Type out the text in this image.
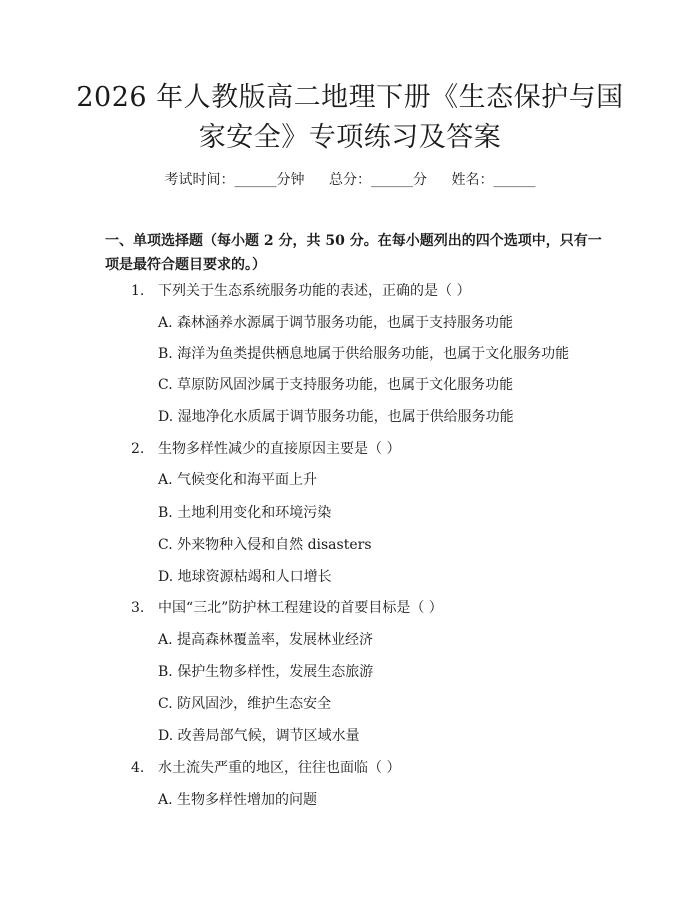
2026 年人教版高二地理下册《生态保护与国
家安全》专项练习及答案
考试时间：______分钟 总分：______分 姓名：______
一、单项选择题（每小题 2 分，共 50 分。在每小题列出的四个选项中，只有一项是最符合题目要求的。）
1. 下列关于生态系统服务功能的表述，正确的是（ ）
A. 森林涵养水源属于调节服务功能，也属于支持服务功能
B. 海洋为鱼类提供栖息地属于供给服务功能，也属于文化服务功能
C. 草原防风固沙属于支持服务功能，也属于文化服务功能
D. 湿地净化水质属于调节服务功能，也属于供给服务功能
2. 生物多样性减少的直接原因主要是（ ）
A. 气候变化和海平面上升
B. 土地利用变化和环境污染
C. 外来物种入侵和自然 disasters
D. 地球资源枯竭和人口增长
3. 中国“三北”防护林工程建设的首要目标是（ ）
A. 提高森林覆盖率，发展林业经济
B. 保护生物多样性，发展生态旅游
C. 防风固沙，维护生态安全
D. 改善局部气候，调节区域水量
4. 水土流失严重的地区，往往也面临（ ）
A. 生物多样性增加的问题
